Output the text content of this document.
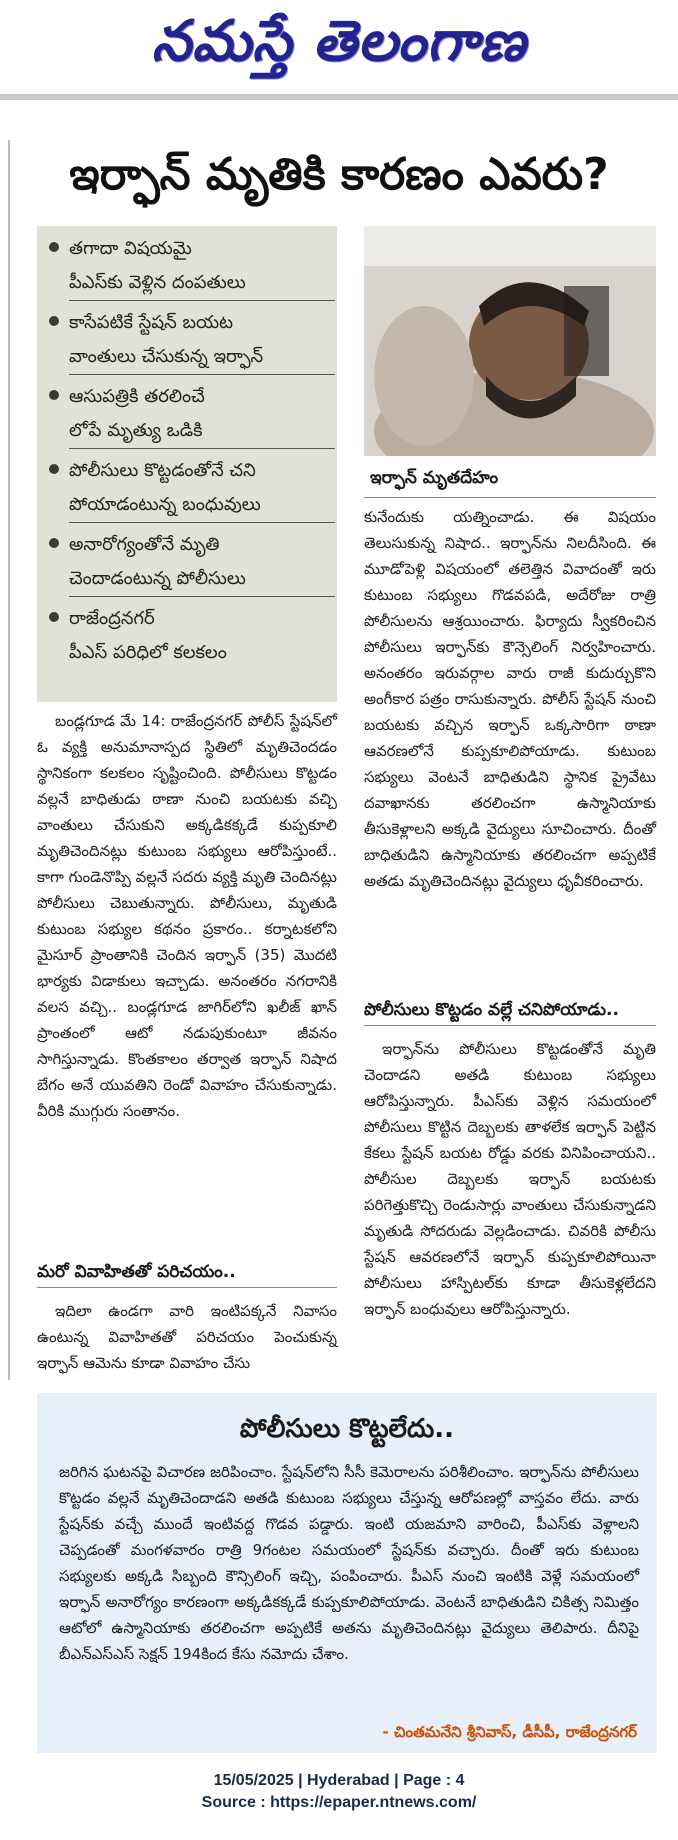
నమస్తే తెలంగాణ
ఇర్ఫాన్ మృతికి కారణం ఎవరు?
తగాదా విషయమై
పీఎస్‌కు వెళ్లిన దంపతులు
కాసేపటికే స్టేషన్ బయట
వాంతులు చేసుకున్న ఇర్ఫాన్
ఆసుపత్రికి తరలించే
లోపే మృత్యు ఒడికి
పోలీసులు కొట్టడంతోనే చని
పోయాడంటున్న బంధువులు
అనారోగ్యంతోనే మృతి
చెందాడంటున్న పోలీసులు
రాజేంద్రనగర్
పీఎస్ పరిధిలో కలకలం
ఇర్ఫాన్ మృతదేహం

బండ్లగూడ మే 14: రాజేంద్రనగర్ పోలీస్ స్టేషన్‌లో ఓ వ్యక్తి అనుమానాస్పద స్థితిలో మృతిచెందడం స్థానికంగా కలకలం సృష్టించింది. పోలీసులు కొట్టడం వల్లనే బాధితుడు ఠాణా నుంచి బయటకు వచ్చి వాంతులు చేసుకుని అక్కడికక్కడే కుప్పకూలి మృతిచెందినట్లు కుటుంబ సభ్యులు ఆరోపిస్తుంటే.. కాగా గుండెనొప్పి వల్లనే సదరు వ్యక్తి మృతి చెందినట్లు పోలీసులు చెబుతున్నారు. పోలీసులు, మృతుడి కుటుంబ సభ్యుల కథనం ప్రకారం.. కర్నాటకలోని మైసూర్ ప్రాంతానికి చెందిన ఇర్ఫాన్ (35) మొదటి భార్యకు విడాకులు ఇచ్చాడు. అనంతరం నగరానికి వలస వచ్చి.. బండ్లగూడ జాగిర్‌లోని ఖలీజ్ ఖాన్ ప్రాంతంలో ఆటో నడుపుకుంటూ జీవనం సాగిస్తున్నాడు. కొంతకాలం తర్వాత ఇర్ఫాన్ నిషాద బేగం అనే యువతిని రెండో వివాహం చేసుకున్నాడు. వీరికి ముగ్గురు సంతానం.

మరో వివాహితతో పరిచయం..

ఇదిలా ఉండగా వారి ఇంటిపక్కనే నివాసం ఉంటున్న వివాహితతో పరిచయం పెంచుకున్న ఇర్ఫాన్ ఆమెను కూడా వివాహం చేసు

కునేందుకు యత్నించాడు. ఈ విషయం తెలుసుకున్న నిషాద.. ఇర్ఫాన్‌ను నిలదీసింది. ఈ మూడోపెళ్లి విషయంలో తలెత్తిన వివాదంతో ఇరు కుటుంబ సభ్యులు గొడవపడి, అదేరోజు రాత్రి పోలీసులను ఆశ్రయించారు. ఫిర్యాదు స్వీకరించిన పోలీసులు ఇర్ఫాన్‌కు కౌన్సెలింగ్ నిర్వహించారు. అనంతరం ఇరువర్గాల వారు రాజీ కుదుర్చుకొని అంగీకార పత్రం రాసుకున్నారు. పోలీస్ స్టేషన్ నుంచి బయటకు వచ్చిన ఇర్ఫాన్ ఒక్కసారిగా ఠాణా ఆవరణలోనే కుప్పకూలిపోయాడు. కుటుంబ సభ్యులు వెంటనే బాధితుడిని స్థానిక ప్రైవేటు దవాఖానకు తరలించగా ఉస్మానియాకు తీసుకెళ్లాలని అక్కడి వైద్యులు సూచించారు. దీంతో బాధితుడిని ఉస్మానియాకు తరలించగా అప్పటికే అతడు మృతిచెందినట్లు వైద్యులు ధృవీకరించారు.

పోలీసులు కొట్టడం వల్లే చనిపోయాడు..

ఇర్ఫాన్‌ను పోలీసులు కొట్టడంతోనే మృతి చెందాడని అతడి కుటుంబ సభ్యులు ఆరోపిస్తున్నారు. పీఎస్‌కు వెళ్లిన సమయంలో పోలీసులు కొట్టిన దెబ్బలకు తాళలేక ఇర్ఫాన్ పెట్టిన కేకలు స్టేషన్ బయట రోడ్డు వరకు వినిపించాయని.. పోలీసుల దెబ్బలకు ఇర్ఫాన్ బయటకు పరిగెత్తుకొచ్చి రెండుసార్లు వాంతులు చేసుకున్నాడని మృతుడి సోదరుడు వెల్లడించాడు. చివరికి పోలీసు స్టేషన్ ఆవరణలోనే ఇర్ఫాన్ కుప్పకూలిపోయినా పోలీసులు హాస్పిటల్‌కు కూడా తీసుకెళ్లలేదని ఇర్ఫాన్ బంధువులు ఆరోపిస్తున్నారు.

పోలీసులు కొట్టలేదు..
జరిగిన ఘటనపై విచారణ జరిపించాం. స్టేషన్‌లోని సీసీ కెమెరాలను పరిశీలించాం. ఇర్ఫాన్‌ను పోలీసులు కొట్టడం వల్లనే మృతిచెందాడని అతడి కుటుంబ సభ్యులు చేస్తున్న ఆరోపణల్లో వాస్తవం లేదు. వారు స్టేషన్‌కు వచ్చే ముందే ఇంటివద్ద గొడవ పడ్డారు. ఇంటి యజమాని వారించి, పీఎస్‌కు వెళ్లాలని చెప్పడంతో మంగళవారం రాత్రి 9గంటల సమయంలో స్టేషన్‌కు వచ్చారు. దీంతో ఇరు కుటుంబ సభ్యులకు అక్కడి సిబ్బంది కౌన్సిలింగ్ ఇచ్చి, పంపించారు. పీఎస్ నుంచి ఇంటికి వెళ్లే సమయంలో ఇర్ఫాన్ అనారోగ్యం కారణంగా అక్కడికక్కడే కుప్పకూలిపోయాడు. వెంటనే బాధితుడిని చికిత్స నిమిత్తం ఆటోలో ఉస్మానియాకు తరలించగా అప్పటికే అతను మృతిచెందినట్లు వైద్యులు తెలిపారు. దీనిపై బీఎన్ఎస్ఎస్ సెక్షన్ 194కింద కేసు నమోదు చేశాం.
- చింతమనేని శ్రీనివాస్, డీసీపీ, రాజేంద్రనగర్
15/05/2025 | Hyderabad | Page : 4
Source : https://epaper.ntnews.com/
